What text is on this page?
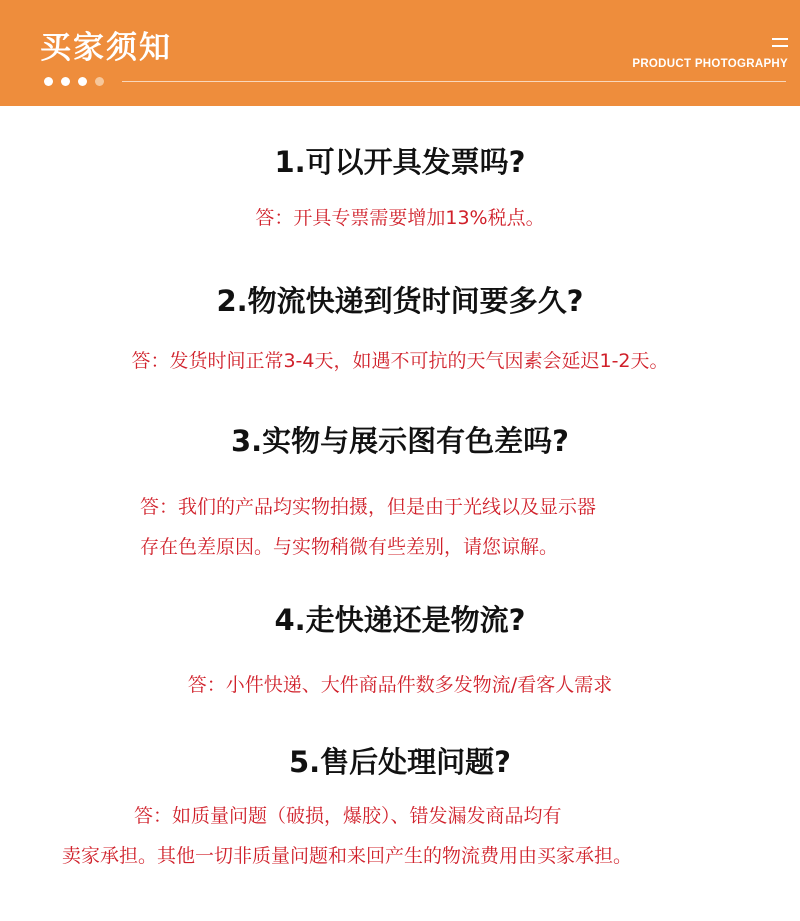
买家须知	PRODUCT PHOTOGRAPHY

1.可以开具发票吗?

答：开具专票需要增加13%税点。

2.物流快递到货时间要多久?

答：发货时间正常3-4天，如遇不可抗的天气因素会延迟1-2天。

3.实物与展示图有色差吗?

答：我们的产品均实物拍摄，但是由于光线以及显示器

存在色差原因。与实物稍微有些差别，请您谅解。

4.走快递还是物流?

答：小件快递、大件商品件数多发物流/看客人需求

5.售后处理问题?

答：如质量问题（破损，爆胶）、错发漏发商品均有

卖家承担。其他一切非质量问题和来回产生的物流费用由买家承担。
